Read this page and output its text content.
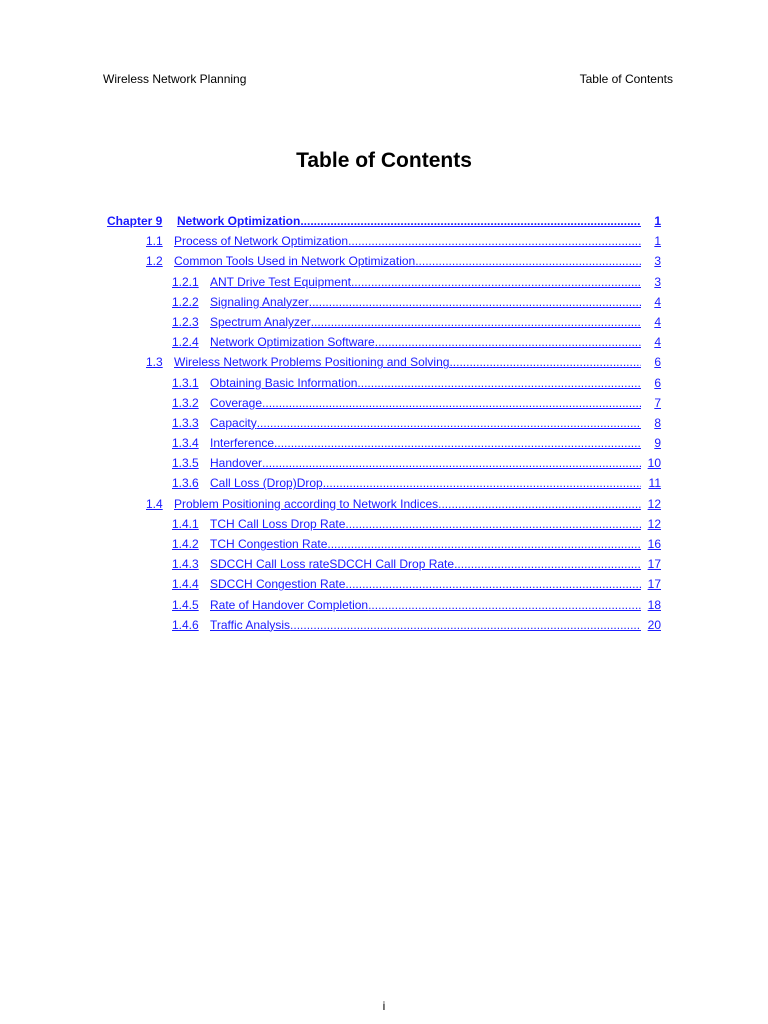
Wireless Network Planning	Table of Contents
Table of Contents
Chapter 9	Network Optimization .....	1
1.1 Process of Network Optimization .....	1
1.2 Common Tools Used in Network Optimization .....	3
1.2.1 ANT Drive Test Equipment .....	3
1.2.2 Signaling Analyzer .....	4
1.2.3 Spectrum Analyzer .....	4
1.2.4 Network Optimization Software .....	4
1.3 Wireless Network Problems Positioning and Solving .....	6
1.3.1 Obtaining Basic Information .....	6
1.3.2 Coverage .....	7
1.3.3 Capacity .....	8
1.3.4 Interference .....	9
1.3.5 Handover .....	10
1.3.6 Call Loss (Drop)Drop .....	11
1.4 Problem Positioning according to Network Indices .....	12
1.4.1 TCH Call Loss Drop Rate .....	12
1.4.2 TCH Congestion Rate .....	16
1.4.3 SDCCH Call Loss rateSDCCH Call Drop Rate .....	17
1.4.4 SDCCH Congestion Rate .....	17
1.4.5 Rate of Handover Completion .....	18
1.4.6 Traffic Analysis .....	20
i
